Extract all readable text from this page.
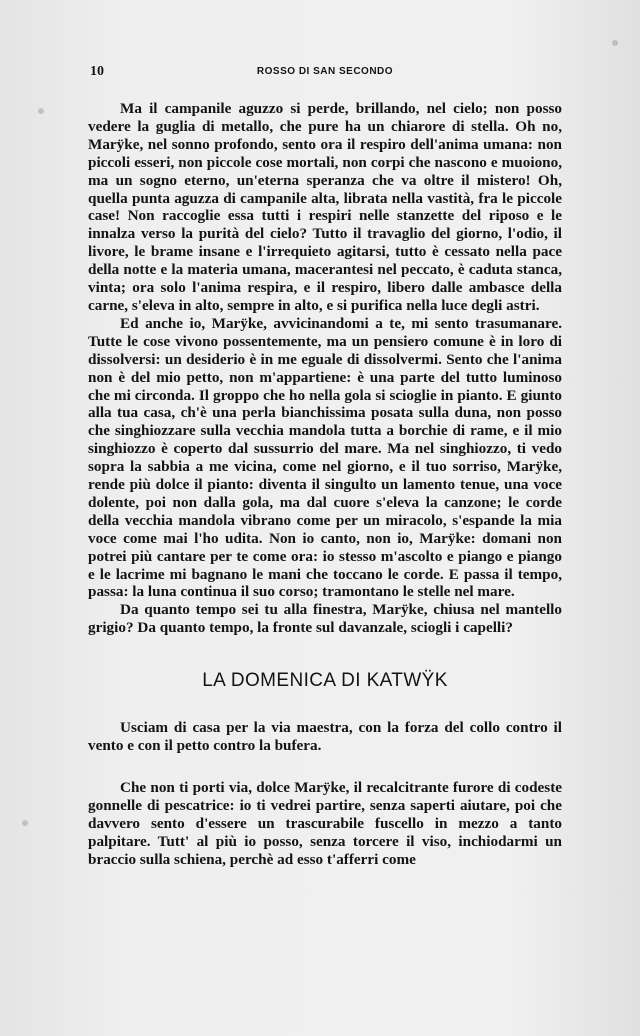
10	ROSSO DI SAN SECONDO

Ma il campanile aguzzo si perde, brillando, nel cielo; non posso vedere la guglia di metallo, che pure ha un chiarore di stella. Oh no, Marÿke, nel sonno profondo, sento ora il respiro dell'anima umana: non piccoli esseri, non piccole cose mortali, non corpi che nascono e muoiono, ma un sogno eterno, un'eterna speranza che va oltre il mistero! Oh, quella punta aguzza di campanile alta, librata nella vastità, fra le piccole case! Non raccoglie essa tutti i respiri nelle stanzette del riposo e le innalza verso la purità del cielo? Tutto il travaglio del giorno, l'odio, il livore, le brame insane e l'irrequieto agitarsi, tutto è cessato nella pace della notte e la materia umana, macerantesi nel peccato, è caduta stanca, vinta; ora solo l'anima respira, e il respiro, libero dalle ambasce della carne, s'eleva in alto, sempre in alto, e si purifica nella luce degli astri.

Ed anche io, Marÿke, avvicinandomi a te, mi sento trasumanare. Tutte le cose vivono possentemente, ma un pensiero comune è in loro di dissolversi: un desiderio è in me eguale di dissolvermi. Sento che l'anima non è del mio petto, non m'appartiene: è una parte del tutto luminoso che mi circonda. Il groppo che ho nella gola si scioglie in pianto. E giunto alla tua casa, ch'è una perla bianchissima posata sulla duna, non posso che singhiozzare sulla vecchia mandola tutta a borchie di rame, e il mio singhiozzo è coperto dal sussurrio del mare. Ma nel singhiozzo, ti vedo sopra la sabbia a me vicina, come nel giorno, e il tuo sorriso, Marÿke, rende più dolce il pianto: diventa il singulto un lamento tenue, una voce dolente, poi non dalla gola, ma dal cuore s'eleva la canzone; le corde della vecchia mandola vibrano come per un miracolo, s'espande la mia voce come mai l'ho udita. Non io canto, non io, Marÿke: domani non potrei più cantare per te come ora: io stesso m'ascolto e piango e piango e le lacrime mi bagnano le mani che toccano le corde. E passa il tempo, passa: la luna continua il suo corso; tramontano le stelle nel mare.

Da quanto tempo sei tu alla finestra, Marÿke, chiusa nel mantello grigio? Da quanto tempo, la fronte sul davanzale, sciogli i capelli?

LA DOMENICA DI KATWŸK

Usciam di casa per la via maestra, con la forza del collo contro il vento e con il petto contro la bufera.

Che non ti porti via, dolce Marÿke, il recalcitrante furore di codeste gonnelle di pescatrice: io ti vedrei partire, senza saperti aiutare, poi che davvero sento d'essere un trascurabile fuscello in mezzo a tanto palpitare. Tutt' al più io posso, senza torcere il viso, inchiodarmi un braccio sulla schiena, perchè ad esso t'afferri come
